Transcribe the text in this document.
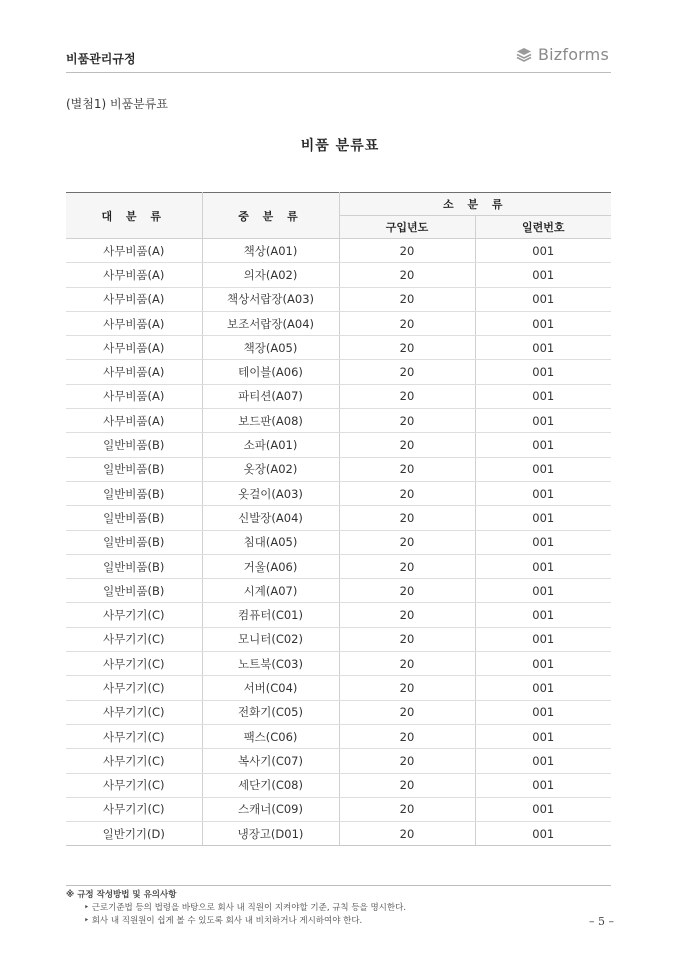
비품관리규정	Bizforms
(별첨1) 비품분류표
비품 분류표
대 분 류	중 분 류	소 분 류	
		구입년도	일련번호
사무비품(A)	책상(A01)	20	001
사무비품(A)	의자(A02)	20	001
사무비품(A)	책상서랍장(A03)	20	001
사무비품(A)	보조서랍장(A04)	20	001
사무비품(A)	책장(A05)	20	001
사무비품(A)	테이블(A06)	20	001
사무비품(A)	파티션(A07)	20	001
사무비품(A)	보드판(A08)	20	001
일반비품(B)	소파(A01)	20	001
일반비품(B)	옷장(A02)	20	001
일반비품(B)	옷걸이(A03)	20	001
일반비품(B)	신발장(A04)	20	001
일반비품(B)	침대(A05)	20	001
일반비품(B)	거울(A06)	20	001
일반비품(B)	시계(A07)	20	001
사무기기(C)	컴퓨터(C01)	20	001
사무기기(C)	모니터(C02)	20	001
사무기기(C)	노트북(C03)	20	001
사무기기(C)	서버(C04)	20	001
사무기기(C)	전화기(C05)	20	001
사무기기(C)	팩스(C06)	20	001
사무기기(C)	복사기(C07)	20	001
사무기기(C)	세단기(C08)	20	001
사무기기(C)	스캐너(C09)	20	001
일반기기(D)	냉장고(D01)	20	001
※ 규정 작성방법 및 유의사항
‣ 근로기준법 등의 법령을 바탕으로 회사 내 직원이 지켜야할 기준, 규칙 등을 명시한다.
‣ 회사 내 직원원이 쉽게 볼 수 있도록 회사 내 비치하거나 게시하여야 한다.	– 5 –
